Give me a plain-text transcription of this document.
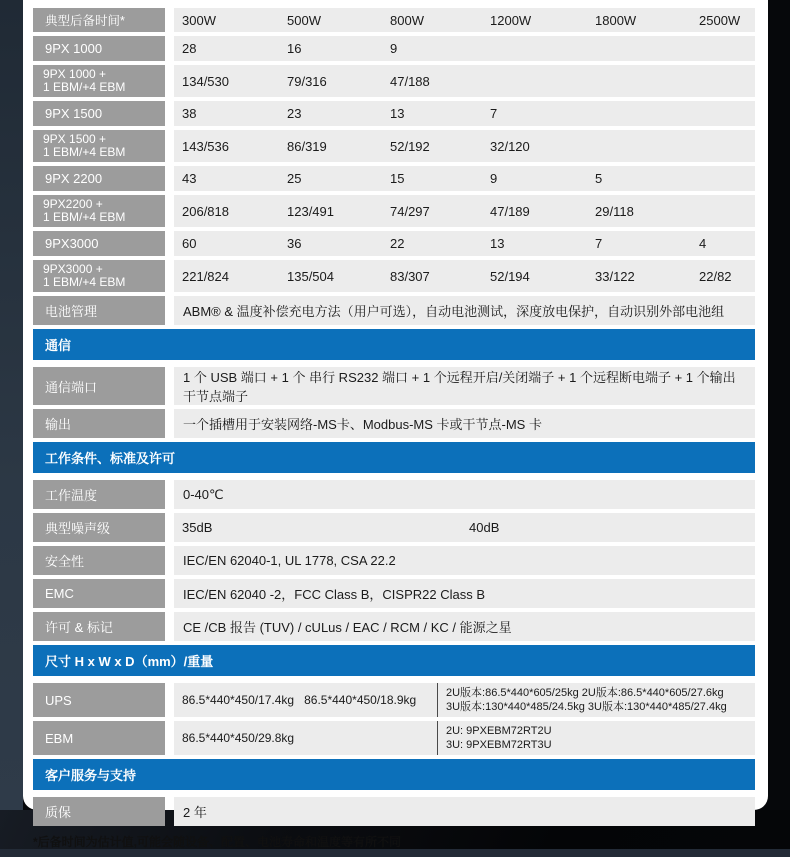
典型后备时间*	300W	500W	800W	1200W	1800W	2500W
9PX 1000	28	16	9
9PX 1000 +
1 EBM/+4 EBM	134/530	79/316	47/188
9PX 1500	38	23	13	7
9PX 1500 +
1 EBM/+4 EBM	143/536	86/319	52/192	32/120
9PX 2200	43	25	15	9	5
9PX2200 +
1 EBM/+4 EBM	206/818	123/491	74/297	47/189	29/118
9PX3000	60	36	22	13	7	4
9PX3000 +
1 EBM/+4 EBM	221/824	135/504	83/307	52/194	33/122	22/82
电池管理	ABM® & 温度补偿充电方法（用户可选），自动电池测试，深度放电保护，自动识别外部电池组
通信
通信端口
1 个 USB 端口 + 1 个 串行 RS232 端口 + 1 个远程开启/关闭端子 + 1 个远程断电端子 + 1 个输出干节点端子
输出	一个插槽用于安装网络-MS卡、Modbus-MS 卡或干节点-MS 卡
工作条件、标准及许可
工作温度	0-40℃
典型噪声级	35dB	40dB
安全性	IEC/EN 62040-1, UL 1778, CSA 22.2
EMC	IEC/EN 62040 -2，FCC Class B，CISPR22 Class B
许可 & 标记	CE /CB 报告 (TUV) / cULus / EAC / RCM / KC / 能源之星
尺寸 H x W x D（mm）/重量
UPS	86.5*440*450/17.4kg   86.5*440*450/18.9kg	2U版本:86.5*440*605/25kg 2U版本:86.5*440*605/27.6kg
3U版本:130*440*485/24.5kg 3U版本:130*440*485/27.4kg
EBM	86.5*440*450/29.8kg	2U: 9PXEBM72RT2U
3U: 9PXEBM72RT3U
客户服务与支持
质保	2 年
*后备时间为估计值,可能会随设备、配置、电池寿命和温度等有所不同
